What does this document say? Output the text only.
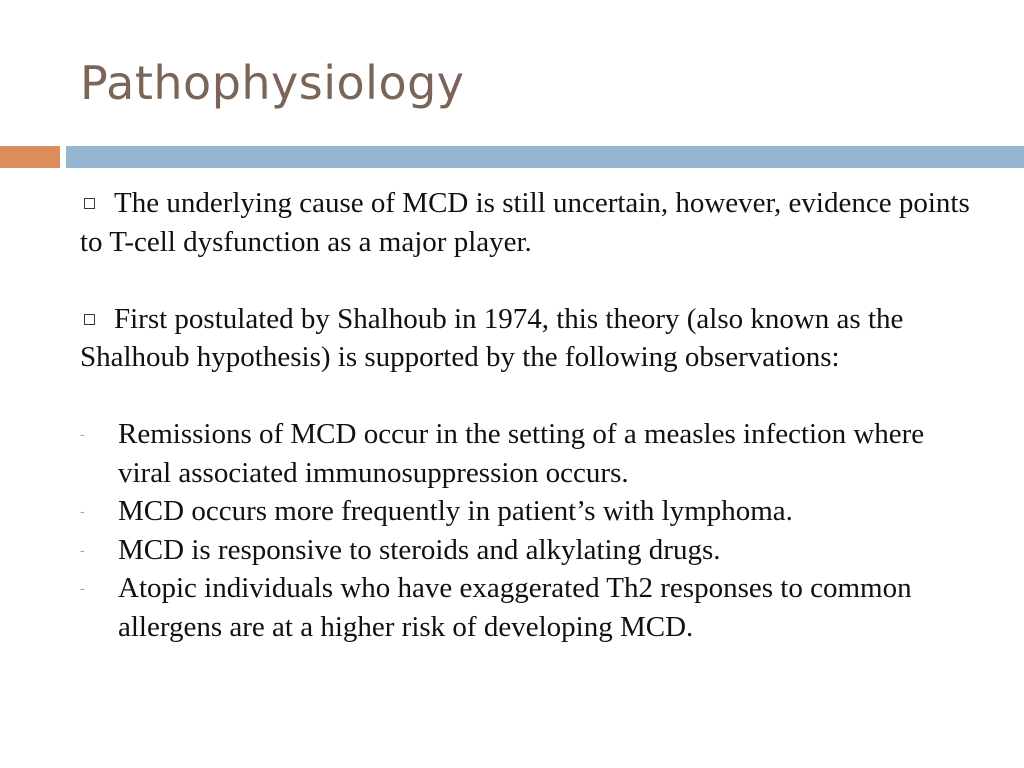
Pathophysiology

The underlying cause of MCD is still uncertain, however, evidence points to T-cell dysfunction as a major player.

First postulated by Shalhoub in 1974, this theory (also known as the Shalhoub hypothesis) is supported by the following observations:

- Remissions of MCD occur in the setting of a measles infection where viral associated immunosuppression occurs.
- MCD occurs more frequently in patient’s with lymphoma.
- MCD is responsive to steroids and alkylating drugs.
- Atopic individuals who have exaggerated Th2 responses to common allergens are at a higher risk of developing MCD.
